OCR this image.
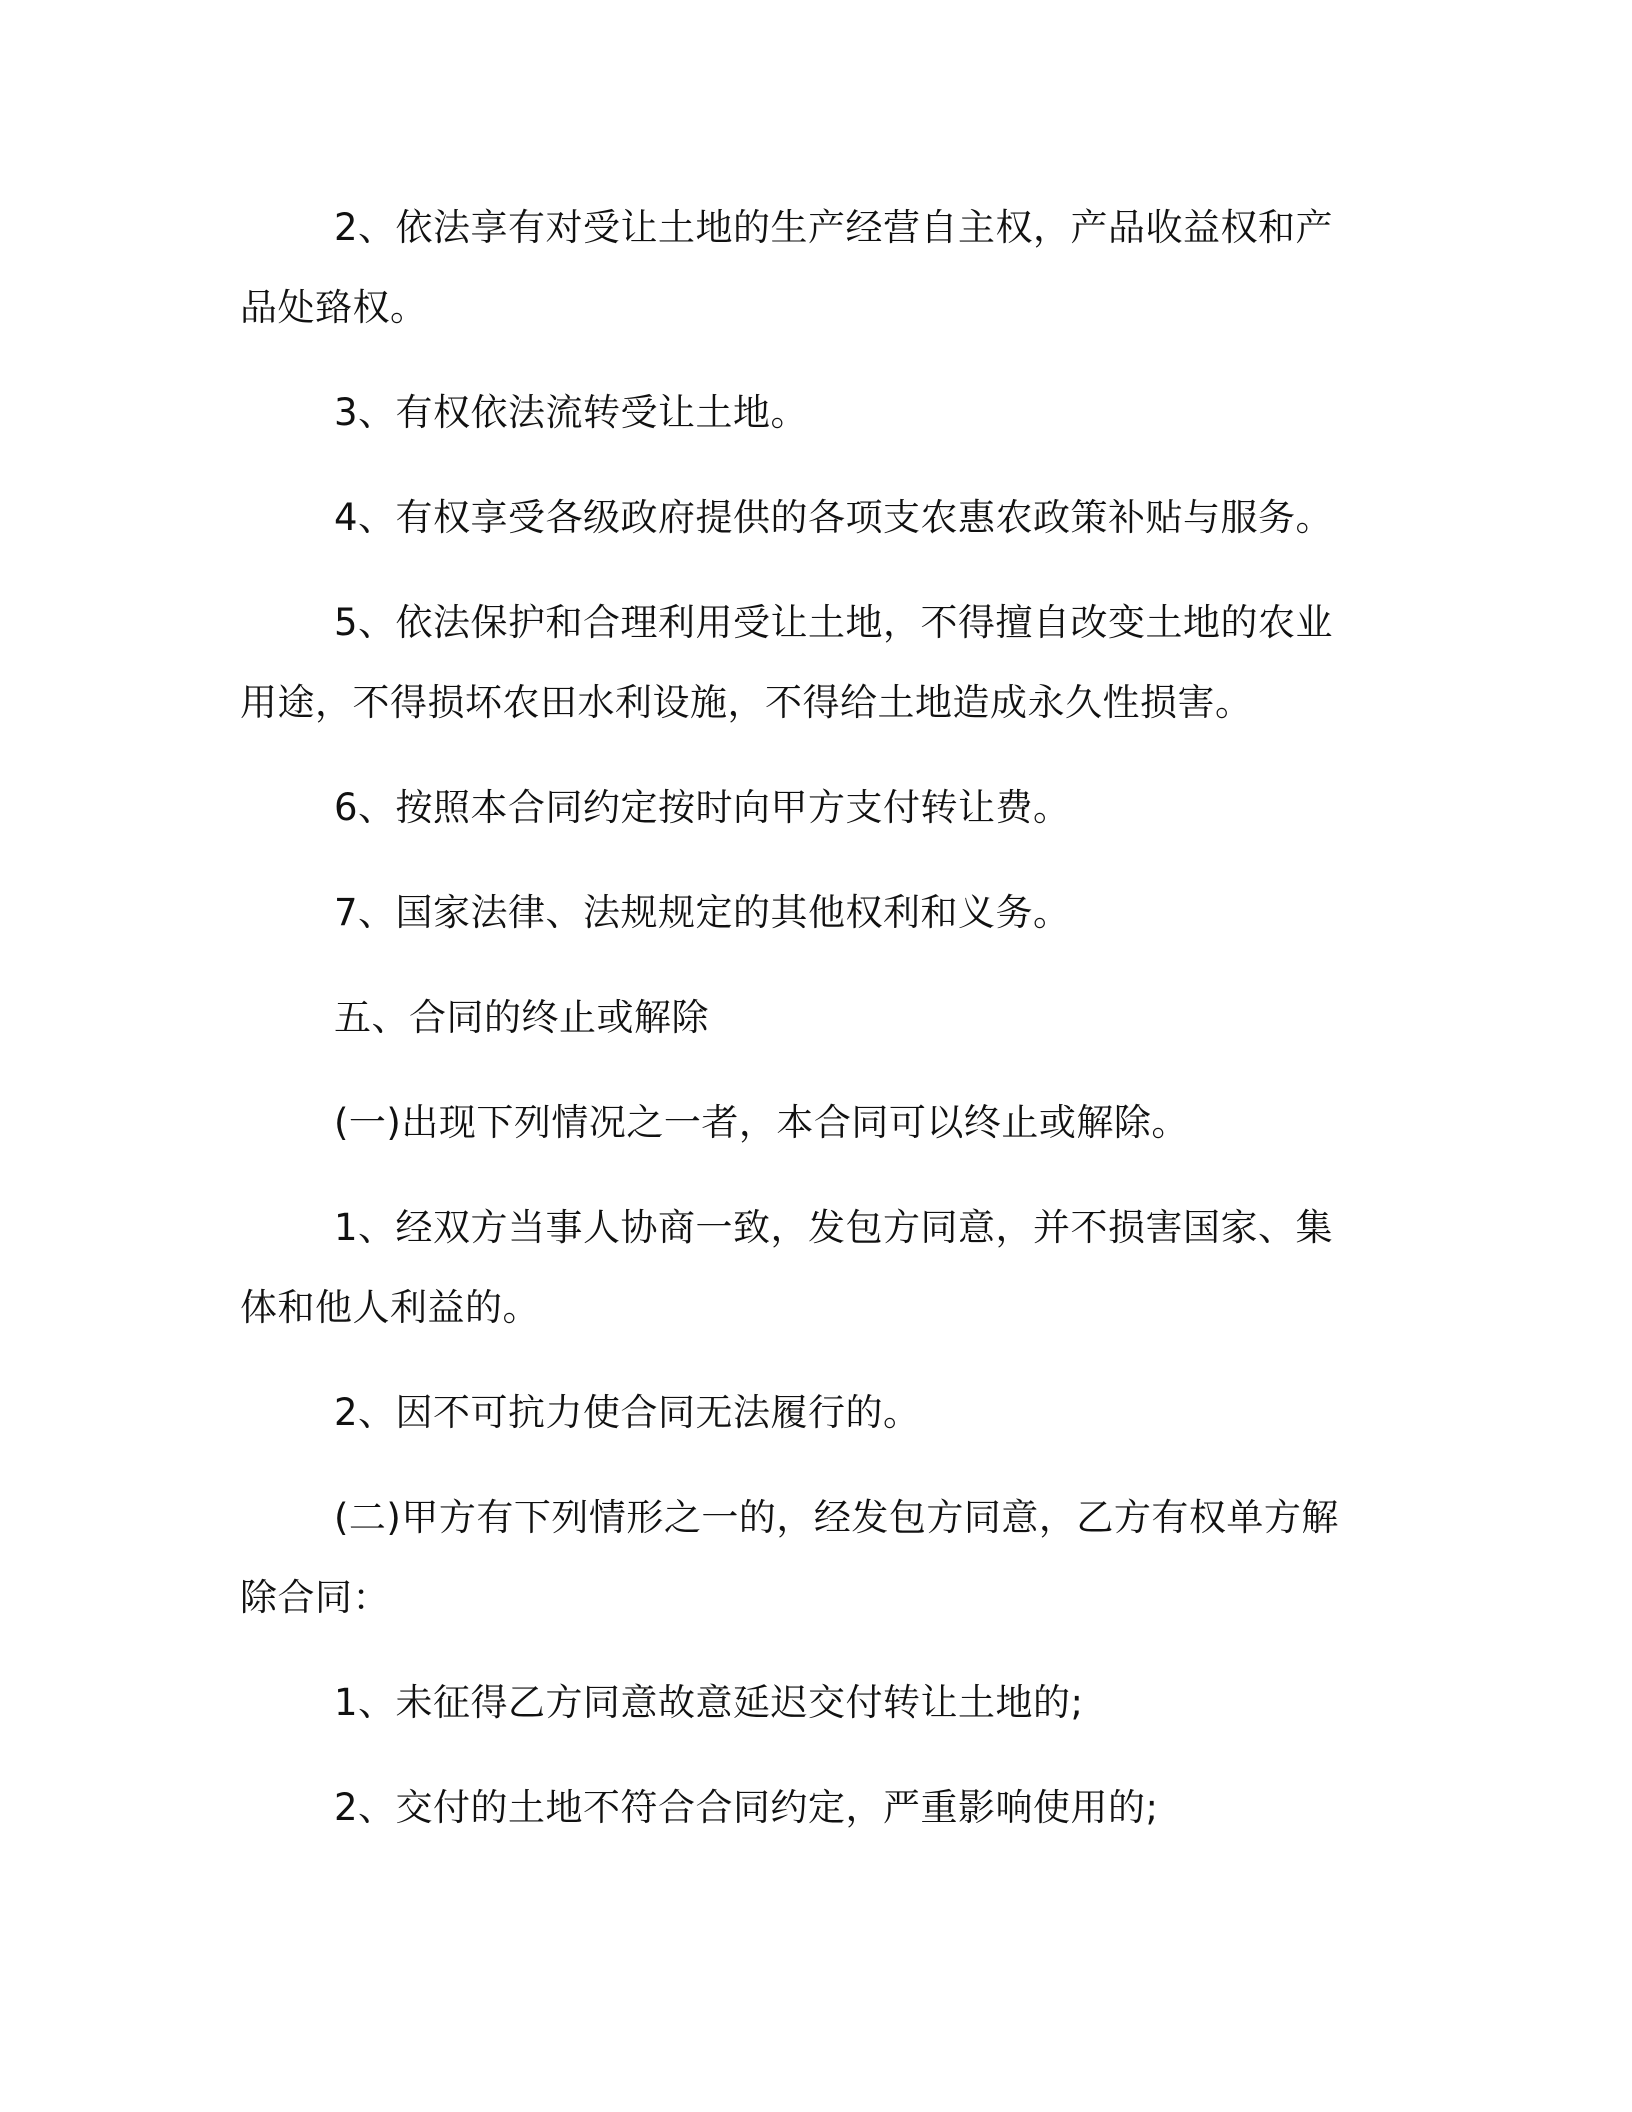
2、依法享有对受让土地的生产经营自主权，产品收益权和产品处臵权。

3、有权依法流转受让土地。

4、有权享受各级政府提供的各项支农惠农政策补贴与服务。

5、依法保护和合理利用受让土地，不得擅自改变土地的农业用途，不得损坏农田水利设施，不得给土地造成永久性损害。

6、按照本合同约定按时向甲方支付转让费。

7、国家法律、法规规定的其他权利和义务。

五、合同的终止或解除

(一)出现下列情况之一者，本合同可以终止或解除。

1、经双方当事人协商一致，发包方同意，并不损害国家、集体和他人利益的。

2、因不可抗力使合同无法履行的。

(二)甲方有下列情形之一的，经发包方同意，乙方有权单方解除合同：

1、未征得乙方同意故意延迟交付转让土地的;

2、交付的土地不符合合同约定，严重影响使用的;
